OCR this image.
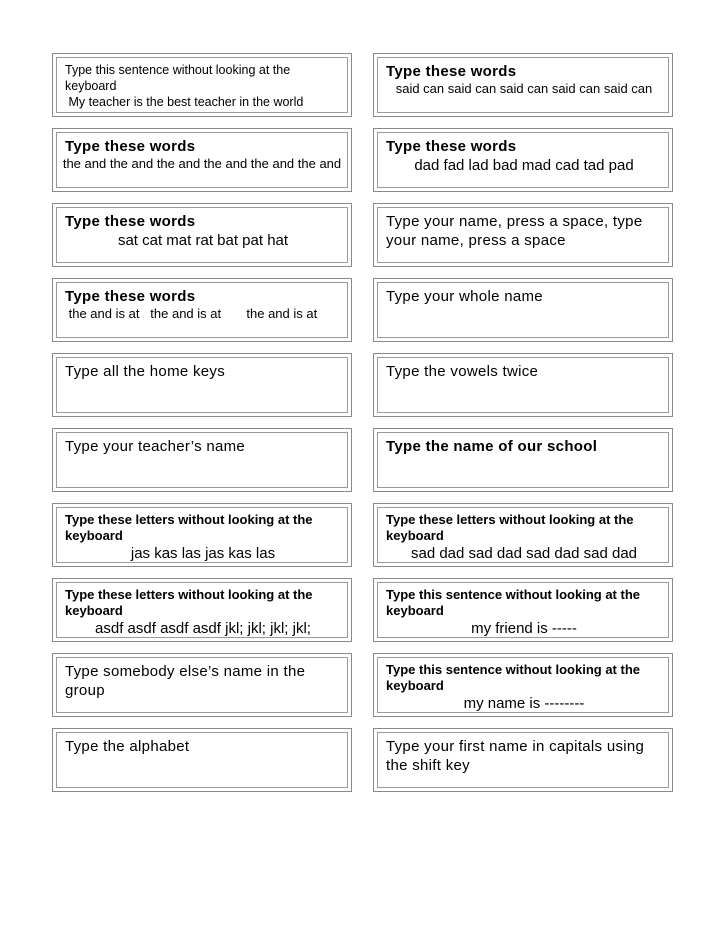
Type this sentence without looking at the keyboard
My teacher is the best teacher in the world
Type these words
said can said can said can said can said can
Type these words
the and the and the and the and the and the and
Type these words
dad fad lad bad mad cad tad pad
Type these words
sat cat mat rat bat pat hat
Type your name, press a space, type your name, press a space
Type these words
the and is at   the and is at       the and is at
Type your whole name
Type all the home keys	Type the vowels twice
Type your teacher’s name	Type the name of our school
Type these letters without looking at the keyboard
jas kas las jas kas las
Type these letters without looking at the keyboard
sad dad sad dad sad dad sad dad
Type these letters without looking at the keyboard
asdf asdf asdf asdf jkl; jkl; jkl; jkl;
Type this sentence without looking at the keyboard
my friend is -----
Type somebody else’s name in the group
Type this sentence without looking at the keyboard
my name is --------
Type the alphabet	Type your first name in capitals using the shift key
